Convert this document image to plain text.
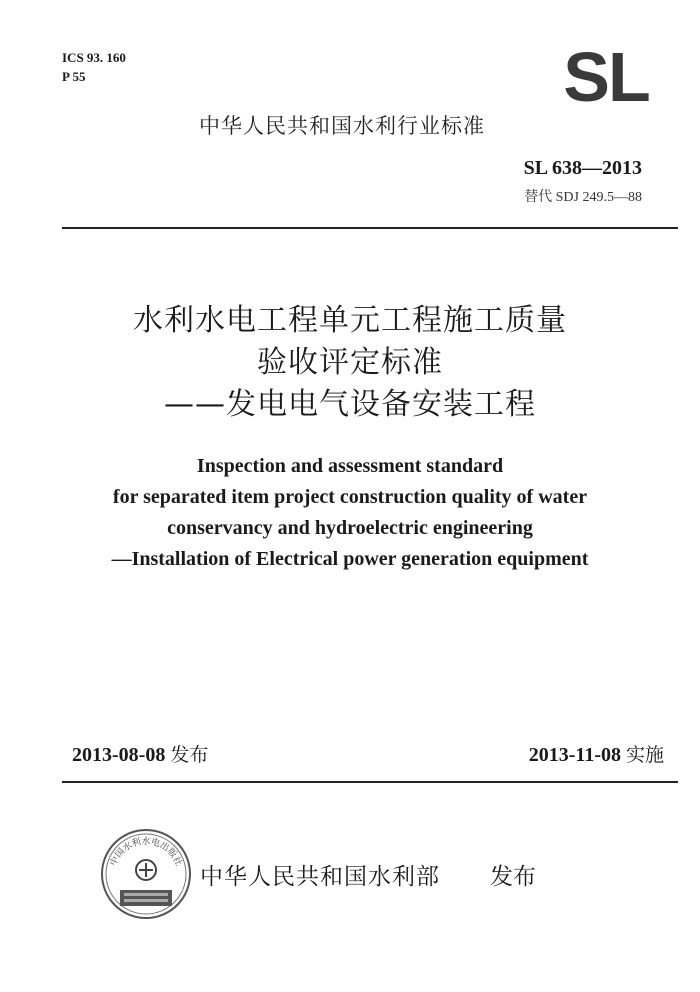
ICS 93. 160
P 55	SL
中华人民共和国水利行业标准
SL 638—2013
替代 SDJ 249.5—88
水利水电工程单元工程施工质量
验收评定标准
——发电电气设备安装工程
Inspection and assessment standard
for separated item project construction quality of water
conservancy and hydroelectric engineering
—Installation of Electrical power generation equipment
2013-08-08 发布	2013-11-08 实施
中国水利水电出版社
中华人民共和国水利部 发布
